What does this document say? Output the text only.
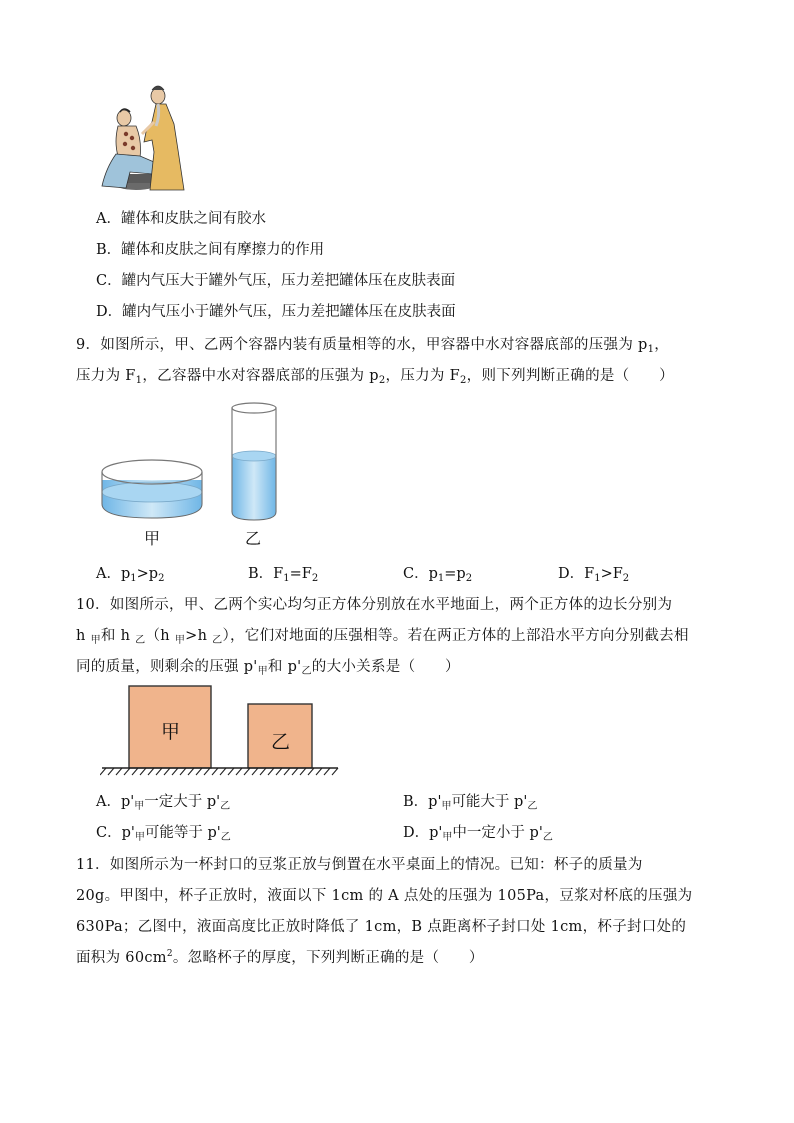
A．罐体和皮肤之间有胶水
B．罐体和皮肤之间有摩擦力的作用
C．罐内气压大于罐外气压，压力差把罐体压在皮肤表面
D．罐内气压小于罐外气压，压力差把罐体压在皮肤表面
9．如图所示，甲、乙两个容器内装有质量相等的水，甲容器中水对容器底部的压强为 $p_1$，
压力为 $F_1$，乙容器中水对容器底部的压强为 $p_2$，压力为 $F_2$，则下列判断正确的是（　　）
甲	乙
A．$p_1>p_2$	B．$F_1=F_2$	C．$p_1=p_2$	D．$F_1>F_2$
10．如图所示，甲、乙两个实心均匀正方体分别放在水平地面上，两个正方体的边长分别为
h $_甲$和 h $_乙$（h $_甲$>h $_乙$），它们对地面的压强相等。若在两正方体的上部沿水平方向分别截去相
同的质量，则剩余的压强 $p'_甲$和 $p'_乙$的大小关系是（　　）
甲	乙
A．$p'_甲$一定大于 $p'_乙$	B．$p'_甲$可能大于 $p'_乙$
C．$p'_甲$可能等于 $p'_乙$	D．$p'_甲$中一定小于 $p'_乙$
11．如图所示为一杯封口的豆浆正放与倒置在水平桌面上的情况。已知：杯子的质量为
20g。甲图中，杯子正放时，液面以下 1cm 的 A 点处的压强为 105Pa，豆浆对杯底的压强为
630Pa；乙图中，液面高度比正放时降低了 1cm，B 点距离杯子封口处 1cm，杯子封口处的
面积为 $60cm^2$。忽略杯子的厚度，下列判断正确的是（　　）
